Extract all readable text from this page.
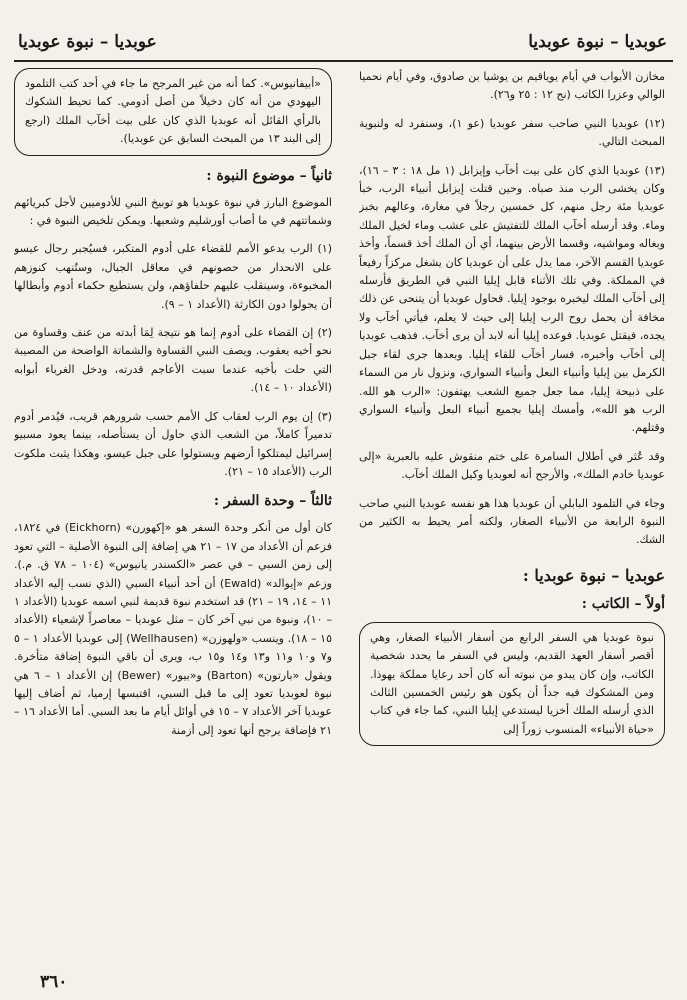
عوبديا – نبوة عوبديا
عوبديا – نبوة عوبديا

مخازن الأبواب في أيام يوياقيم بن يوشيا بن صادوق، وفي أيام نحميا الوالي وعزرا الكاتب (نح ١٢ : ٢٥ و٢٦).

(١٢) عوبديا النبي صاحب سفر عوبديا (عو ١)، وسنفرد له ولنبوية المبحث التالي.

(١٣) عوبديا الذي كان على بيت أخآب وإيزابل (١ مل ١٨ : ٣ – ١٦)، وكان يخشى الرب منذ صباه. وحين قتلت إيزابل أنبياء الرب، خبأ عوبديا مئة رجل منهم، كل خمسين رجلاً في مغارة، وعالهم بخبز وماء. وقد أرسله أخآب الملك للتفتيش على عشب وماء لخيل الملك وبغاله ومواشيه، وقسما الأرض بينهما، أي أن الملك أخذ قسماً، وأخذ عوبديا القسم الآخر، مما يدل على أن عوبديا كان يشغل مركزاً رفيعاً في المملكة. وفي تلك الأثناء قابل إيليا النبي في الطريق فأرسله إلى أخآب الملك ليخبره بوجود إيليا. فحاول عوبديا أن يتنحى عن ذلك مخافة أن يحمل روح الرب إيليا إلى حيث لا يعلم، فيأتي أخآب ولا يجده، فيقتل عوبديا. فوعده إيليا أنه لابد أن يرى أخآب. فذهب عوبديا إلى أخآب وأخبره، فسار أخآب للقاء إيليا. وبعدها جرى لقاء جبل الكرمل بين إيليا وأنبياء البعل وأنبياء السواري، ونزول نار من السماء على ذبيحة إيليا، مما جعل جميع الشعب يهتفون: «الرب هو الله. الرب هو الله»، وأمسك إيليا بجميع أنبياء البعل وأنبياء السواري وقتلهم.

وقد عُثر في أطلال السامرة على ختم منقوش عليه بالعبرية «إلى عوبديا خادم الملك»، والأرجح أنه لعوبديا وكيل الملك أخآب.

وجاء في التلمود البابلي أن عوبديا هذا هو نفسه عوبديا النبي صاحب النبوة الرابعة من الأنبياء الصغار، ولكنه أمر يحيط به الكثير من الشك.

عوبديا – نبوة عوبديا :
أولاً – الكاتب :
نبوة عوبديا هي السفر الرابع من أسفار الأنبياء الصغار، وهي أقصر أسفار العهد القديم، وليس في السفر ما يحدد شخصية الكاتب، وإن كان يبدو من نبوته أنه كان أحد رعايا مملكة يهوذا. ومن المشكوك فيه جداً أن يكون هو رئيس الخمسين الثالث الذي أرسله الملك أخزيا ليستدعي إيليا النبي، كما جاء في كتاب «حياة الأنبياء» المنسوب زوراً إلى
«أبيفانيوس». كما أنه من غير المرجح ما جاء في أحد كتب التلمود اليهودي من أنه كان دخيلاً من أصل أدومي. كما تحيط الشكوك بالرأي القائل أنه عوبديا الذي كان على بيت أخآب الملك (ارجع إلى البند ١٣ من المبحث السابق عن عوبديا).
ثانياً – موضوع النبوة :

الموضوع البارز في نبوة عوبديا هو توبيخ النبي للأدوميين لأجل كبريائهم وشماتتهم في ما أصاب أورشليم وشعبها. ويمكن تلخيص النبوة في :

(١) الرب يدعو الأمم للقضاء على أدوم المتكبر، فسيُجبر رجال عيسو على الانحدار من حصونهم في معاقل الجبال، وستُنهب كنوزهم المخبوءة، وسينقلب عليهم حلفاؤهم، ولن يستطيع حكماء أدوم وأبطالها أن يحولوا دون الكارثة (الأعداد ١ – ٩).

(٢) إن القضاء على أدوم إنما هو نتيجة لِمَا أبدته من عنف وقساوة من نحو أخيه يعقوب. ويصف النبي القساوة والشماتة الواضحة من المصيبة التي حلت بأخيه عندما سبت الأعاجم قدرته، ودخل الغرباء أبوابه (الأعداد ١٠ – ١٤).

(٣) إن يوم الرب لعقاب كل الأمم حسب شرورهم قريب، فيُدمر أدوم تدميراً كاملاً، من الشعب الذي حاول أن يستأصله، بينما يعود مسبيو إسرائيل ليمتلكوا أرضهم ويستولوا على جبل عيسو، وهكذا يثبت ملكوت الرب (الأعداد ١٥ – ٢١).

ثالثاً – وحدة السفر :

كان أول من أنكر وحدة السفر هو «إكهورن» (Eickhorn) في ١٨٢٤، فزعم أن الأعداد من ١٧ – ٢١ هي إضافة إلى النبوة الأصلية – التي تعود إلى زمن السبي – في عصر «الكسندر يانيوس» (١٠٤ – ٧٨ ق. م.). وزعم «إيوالد» (Ewald) أن أحد أنبياء السبي (الذي نسب إليه الأعداد ١١ – ١٤، ١٩ – ٢١) قد استخدم نبوة قديمة لنبي اسمه عوبديا (الأعداد ١ – ١٠)، ونبوة من نبي آخر كان – مثل عوبديا – معاصراً لإشعياء (الأعداد ١٥ – ١٨). وينسب «ولهوزن» (Wellhausen) إلى عوبديا الأعداد ١ – ٥ و٧ و١٠ و١١ و١٣ و١٤ و١٥ ب، ويرى أن باقي النبوة إضافة متأخرة. ويقول «بارتون» (Barton) و«بيور» (Bewer) إن الأعداد ١ – ٦ هي نبوة لعوبديا تعود إلى ما قبل السبي، اقتبسها إرميا، ثم أضاف إليها عوبديا آخر الأعداد ٧ – ١٥ في أوائل أيام ما بعد السبي. أما الأعداد ١٦ – ٢١ فإضافة يرجح أنها تعود إلى أزمنة

٣٦٠
